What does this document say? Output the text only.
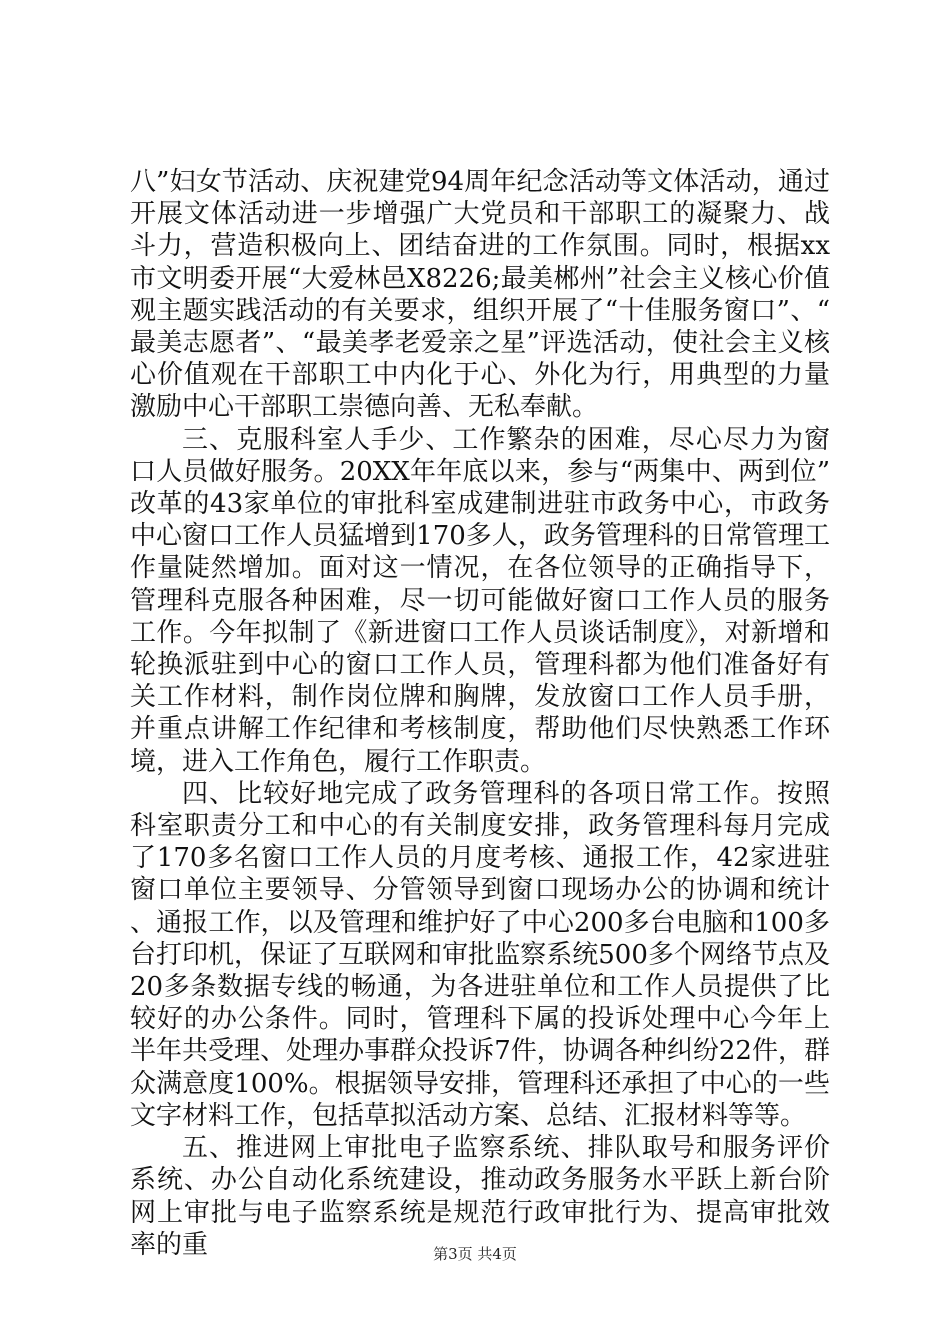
八”妇女节活动、庆祝建党94周年纪念活动等文体活动，通过开展文体活动进一步增强广大党员和干部职工的凝聚力、战斗力，营造积极向上、团结奋进的工作氛围。同时，根据xx市文明委开展“大爱林邑X8226;最美郴州”社会主义核心价值观主题实践活动的有关要求，组织开展了“十佳服务窗口”、“最美志愿者”、“最美孝老爱亲之星”评选活动，使社会主义核心价值观在干部职工中内化于心、外化为行，用典型的力量激励中心干部职工崇德向善、无私奉献。

三、克服科室人手少、工作繁杂的困难，尽心尽力为窗口人员做好服务。20XX年年底以来，参与“两集中、两到位”改革的43家单位的审批科室成建制进驻市政务中心，市政务中心窗口工作人员猛增到170多人，政务管理科的日常管理工作量陡然增加。面对这一情况，在各位领导的正确指导下，管理科克服各种困难，尽一切可能做好窗口工作人员的服务工作。今年拟制了《新进窗口工作人员谈话制度》，对新增和轮换派驻到中心的窗口工作人员，管理科都为他们准备好有关工作材料，制作岗位牌和胸牌，发放窗口工作人员手册，并重点讲解工作纪律和考核制度，帮助他们尽快熟悉工作环境，进入工作角色，履行工作职责。

四、比较好地完成了政务管理科的各项日常工作。按照科室职责分工和中心的有关制度安排，政务管理科每月完成了170多名窗口工作人员的月度考核、通报工作，42家进驻窗口单位主要领导、分管领导到窗口现场办公的协调和统计、通报工作，以及管理和维护好了中心200多台电脑和100多台打印机，保证了互联网和审批监察系统500多个网络节点及20多条数据专线的畅通，为各进驻单位和工作人员提供了比较好的办公条件。同时，管理科下属的投诉处理中心今年上半年共受理、处理办事群众投诉7件，协调各种纠纷22件，群众满意度100%。根据领导安排，管理科还承担了中心的一些文字材料工作，包括草拟活动方案、总结、汇报材料等等。

五、推进网上审批电子监察系统、排队取号和服务评价系统、办公自动化系统建设，推动政务服务水平跃上新台阶网上审批与电子监察系统是规范行政审批行为、提高审批效率的重	第3页 共4页
